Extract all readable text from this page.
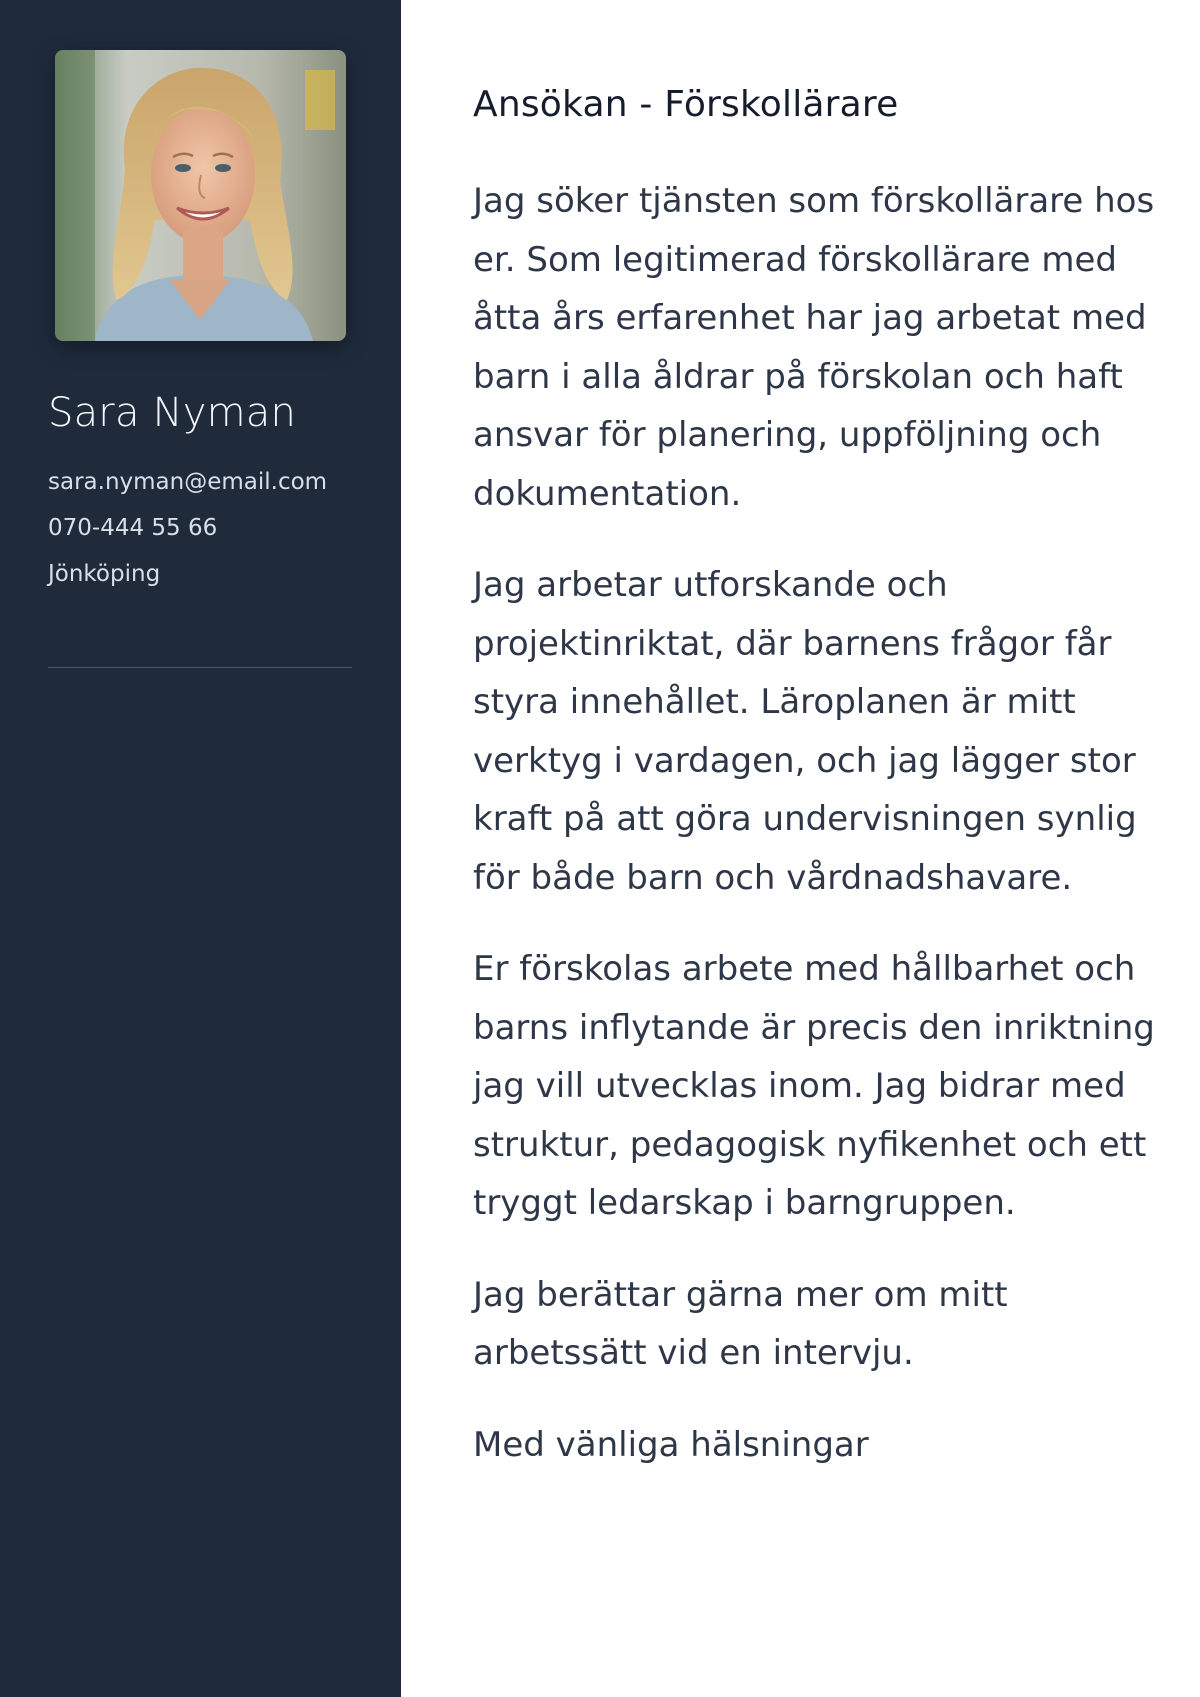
Sara Nyman
sara.nyman@email.com
070-444 55 66
Jönköping
Ansökan - Förskollärare

Jag söker tjänsten som förskollärare hos er. Som legitimerad förskollärare med åtta års erfarenhet har jag arbetat med barn i alla åldrar på förskolan och haft ansvar för planering, uppföljning och dokumentation.

Jag arbetar utforskande och projektinriktat, där barnens frågor får styra innehållet. Läroplanen är mitt verktyg i vardagen, och jag lägger stor kraft på att göra undervisningen synlig för både barn och vårdnadshavare.

Er förskolas arbete med hållbarhet och barns inflytande är precis den inriktning jag vill utvecklas inom. Jag bidrar med struktur, pedagogisk nyfikenhet och ett tryggt ledarskap i barngruppen.

Jag berättar gärna mer om mitt arbetssätt vid en intervju.

Med vänliga hälsningar
